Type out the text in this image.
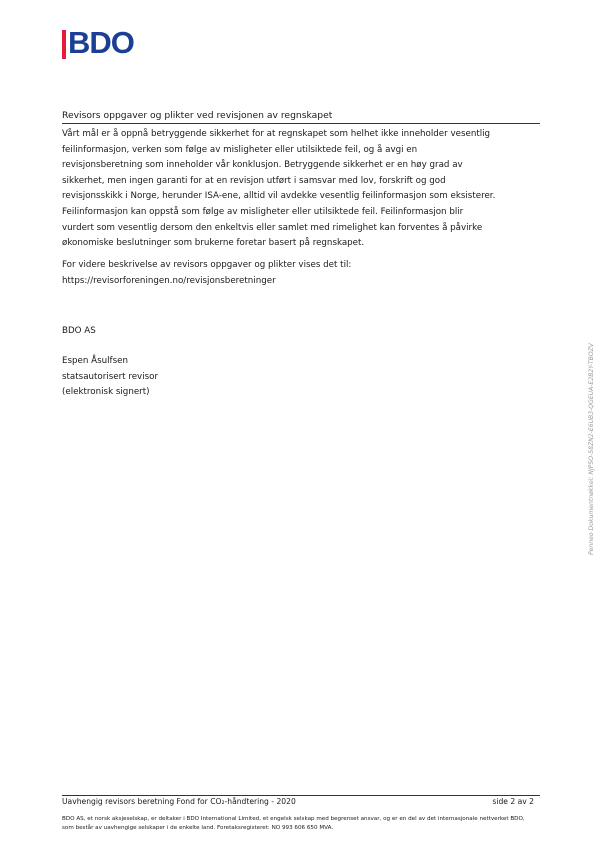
BDO
Revisors oppgaver og plikter ved revisjonen av regnskapet

Vårt mål er å oppnå betryggende sikkerhet for at regnskapet som helhet ikke inneholder vesentlig
feilinformasjon, verken som følge av misligheter eller utilsiktede feil, og å avgi en
revisjonsberetning som inneholder vår konklusjon. Betryggende sikkerhet er en høy grad av
sikkerhet, men ingen garanti for at en revisjon utført i samsvar med lov, forskrift og god
revisjonsskikk i Norge, herunder ISA-ene, alltid vil avdekke vesentlig feilinformasjon som eksisterer.
Feilinformasjon kan oppstå som følge av misligheter eller utilsiktede feil. Feilinformasjon blir
vurdert som vesentlig dersom den enkeltvis eller samlet med rimelighet kan forventes å påvirke
økonomiske beslutninger som brukerne foretar basert på regnskapet.

For videre beskrivelse av revisors oppgaver og plikter vises det til:
https://revisorforeningen.no/revisjonsberetninger

BDO AS
Espen Åsulfsen
statsautorisert revisor
(elektronisk signert)	Penneo Dokumentnøkkel: NJP5O-58ZN2-E6UB3-QGEUA-E2B2Y-TBOZV
Uavhengig revisors beretning Fond for CO₂-håndtering - 2020	side 2 av 2
BDO AS, et norsk aksjeselskap, er deltaker i BDO International Limited, et engelsk selskap med begrenset ansvar, og er en del av det internasjonale nettverket BDO,
som består av uavhengige selskaper i de enkelte land. Foretaksregisteret: NO 993 606 650 MVA.
